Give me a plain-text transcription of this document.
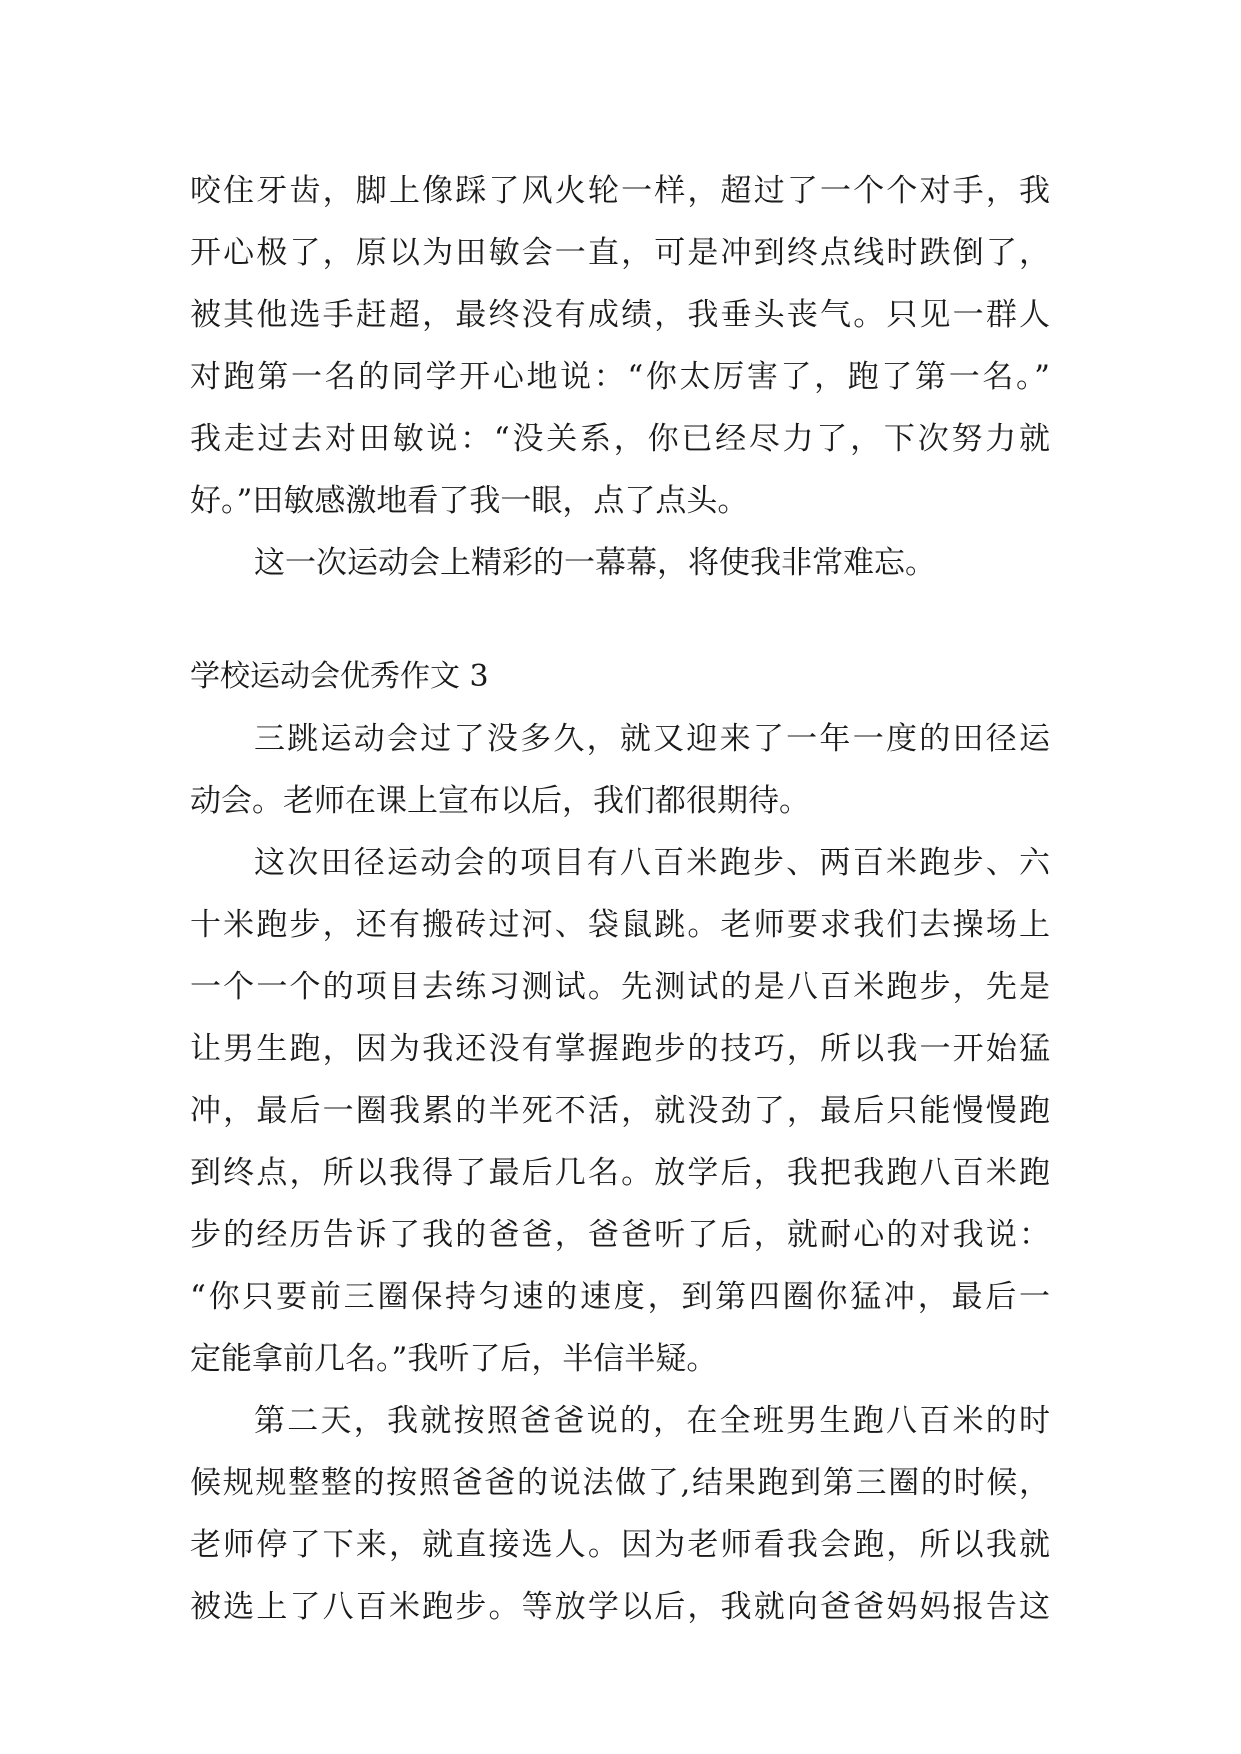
咬住牙齿，脚上像踩了风火轮一样，超过了一个个对手，我
开心极了，原以为田敏会一直，可是冲到终点线时跌倒了，
被其他选手赶超，最终没有成绩，我垂头丧气。只见一群人
对跑第一名的同学开心地说：“你太厉害了，跑了第一名。”
我走过去对田敏说：“没关系，你已经尽力了，下次努力就
好。”田敏感激地看了我一眼，点了点头。
这一次运动会上精彩的一幕幕，将使我非常难忘。
学校运动会优秀作文 3
三跳运动会过了没多久，就又迎来了一年一度的田径运
动会。老师在课上宣布以后，我们都很期待。
这次田径运动会的项目有八百米跑步、两百米跑步、六
十米跑步，还有搬砖过河、袋鼠跳。老师要求我们去操场上
一个一个的项目去练习测试。先测试的是八百米跑步，先是
让男生跑，因为我还没有掌握跑步的技巧，所以我一开始猛
冲，最后一圈我累的半死不活，就没劲了，最后只能慢慢跑
到终点，所以我得了最后几名。放学后，我把我跑八百米跑
步的经历告诉了我的爸爸，爸爸听了后，就耐心的对我说：
“你只要前三圈保持匀速的速度，到第四圈你猛冲，最后一
定能拿前几名。”我听了后，半信半疑。
第二天，我就按照爸爸说的，在全班男生跑八百米的时
候规规整整的按照爸爸的说法做了,结果跑到第三圈的时候，
老师停了下来，就直接选人。因为老师看我会跑，所以我就
被选上了八百米跑步。等放学以后，我就向爸爸妈妈报告这
